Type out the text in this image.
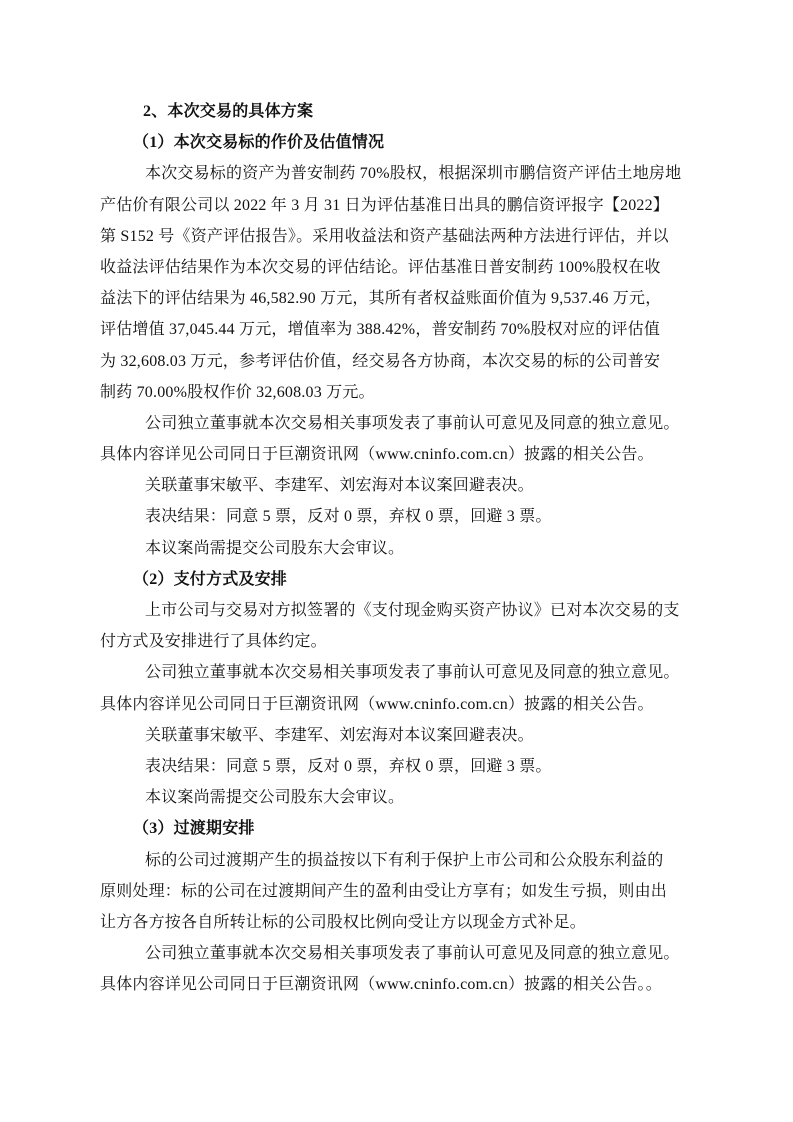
2、本次交易的具体方案
（1）本次交易标的作价及估值情况
本次交易标的资产为普安制药 70%股权，根据深圳市鹏信资产评估土地房地
产估价有限公司以 2022 年 3 月 31 日为评估基准日出具的鹏信资评报字【2022】
第 S152 号《资产评估报告》。采用收益法和资产基础法两种方法进行评估，并以
收益法评估结果作为本次交易的评估结论。评估基准日普安制药 100%股权在收
益法下的评估结果为 46,582.90 万元，其所有者权益账面价值为 9,537.46 万元，
评估增值 37,045.44 万元，增值率为 388.42%，普安制药 70%股权对应的评估值
为 32,608.03 万元，参考评估价值，经交易各方协商，本次交易的标的公司普安
制药 70.00%股权作价 32,608.03 万元。
公司独立董事就本次交易相关事项发表了事前认可意见及同意的独立意见。
具体内容详见公司同日于巨潮资讯网（www.cninfo.com.cn）披露的相关公告。
关联董事宋敏平、李建军、刘宏海对本议案回避表决。
表决结果：同意 5 票，反对 0 票，弃权 0 票，回避 3 票。
本议案尚需提交公司股东大会审议。
（2）支付方式及安排
上市公司与交易对方拟签署的《支付现金购买资产协议》已对本次交易的支
付方式及安排进行了具体约定。
公司独立董事就本次交易相关事项发表了事前认可意见及同意的独立意见。
具体内容详见公司同日于巨潮资讯网（www.cninfo.com.cn）披露的相关公告。
关联董事宋敏平、李建军、刘宏海对本议案回避表决。
表决结果：同意 5 票，反对 0 票，弃权 0 票，回避 3 票。
本议案尚需提交公司股东大会审议。
（3）过渡期安排
标的公司过渡期产生的损益按以下有利于保护上市公司和公众股东利益的
原则处理：标的公司在过渡期间产生的盈利由受让方享有；如发生亏损，则由出
让方各方按各自所转让标的公司股权比例向受让方以现金方式补足。
公司独立董事就本次交易相关事项发表了事前认可意见及同意的独立意见。
具体内容详见公司同日于巨潮资讯网（www.cninfo.com.cn）披露的相关公告。。
